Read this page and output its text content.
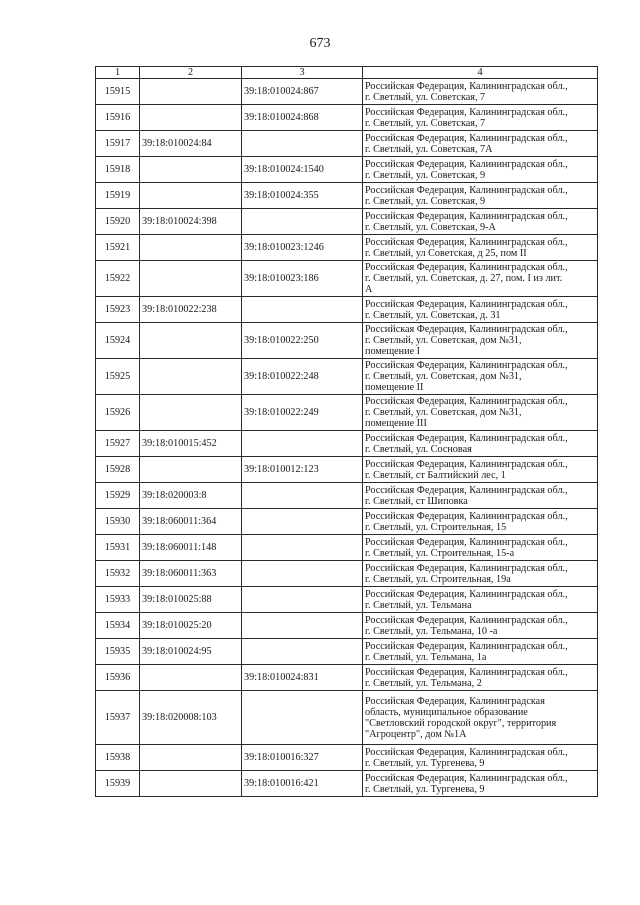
673
1	2	3	4
15915		39:18:010024:867	Российская Федерация, Калининградская обл.,
г. Светлый, ул. Советская, 7
15916		39:18:010024:868	Российская Федерация, Калининградская обл.,
г. Светлый, ул. Советская, 7
15917	39:18:010024:84		Российская Федерация, Калининградская обл.,
г. Светлый, ул. Советская, 7А
15918		39:18:010024:1540	Российская Федерация, Калининградская обл.,
г. Светлый, ул. Советская, 9
15919		39:18:010024:355	Российская Федерация, Калининградская обл.,
г. Светлый, ул. Советская, 9
15920	39:18:010024:398		Российская Федерация, Калининградская обл.,
г. Светлый, ул. Советская, 9-А
15921		39:18:010023:1246	Российская Федерация, Калининградская обл.,
г. Светлый, ул Советская, д 25, пом II
15922		39:18:010023:186	Российская Федерация, Калининградская обл.,
г. Светлый, ул. Советская, д. 27, пом. I из лит.
А
15923	39:18:010022:238		Российская Федерация, Калининградская обл.,
г. Светлый, ул. Советская, д. 31
15924		39:18:010022:250	Российская Федерация, Калининградская обл.,
г. Светлый, ул. Советская, дом №31,
помещение I
15925		39:18:010022:248	Российская Федерация, Калининградская обл.,
г. Светлый, ул. Советская, дом №31,
помещение II
15926		39:18:010022:249	Российская Федерация, Калининградская обл.,
г. Светлый, ул. Советская, дом №31,
помещение III
15927	39:18:010015:452		Российская Федерация, Калининградская обл.,
г. Светлый, ул. Сосновая
15928		39:18:010012:123	Российская Федерация, Калининградская обл.,
г. Светлый, ст Балтийский лес, 1
15929	39:18:020003:8		Российская Федерация, Калининградская обл.,
г. Светлый, ст Шиповка
15930	39:18:060011:364		Российская Федерация, Калининградская обл.,
г. Светлый, ул. Строительная, 15
15931	39:18:060011:148		Российская Федерация, Калининградская обл.,
г. Светлый, ул. Строительная, 15-а
15932	39:18:060011:363		Российская Федерация, Калининградская обл.,
г. Светлый, ул. Строительная, 19а
15933	39:18:010025:88		Российская Федерация, Калининградская обл.,
г. Светлый, ул. Тельмана
15934	39:18:010025:20		Российская Федерация, Калининградская обл.,
г. Светлый, ул. Тельмана, 10 -а
15935	39:18:010024:95		Российская Федерация, Калининградская обл.,
г. Светлый, ул. Тельмана, 1а
15936		39:18:010024:831	Российская Федерация, Калининградская обл.,
г. Светлый, ул. Тельмана, 2
15937	39:18:020008:103		Российская Федерация, Калининградская
область, муниципальное образование
"Светловский городской округ", территория
"Агроцентр", дом №1А
15938		39:18:010016:327	Российская Федерация, Калининградская обл.,
г. Светлый, ул. Тургенева, 9
15939		39:18:010016:421	Российская Федерация, Калининградская обл.,
г. Светлый, ул. Тургенева, 9
